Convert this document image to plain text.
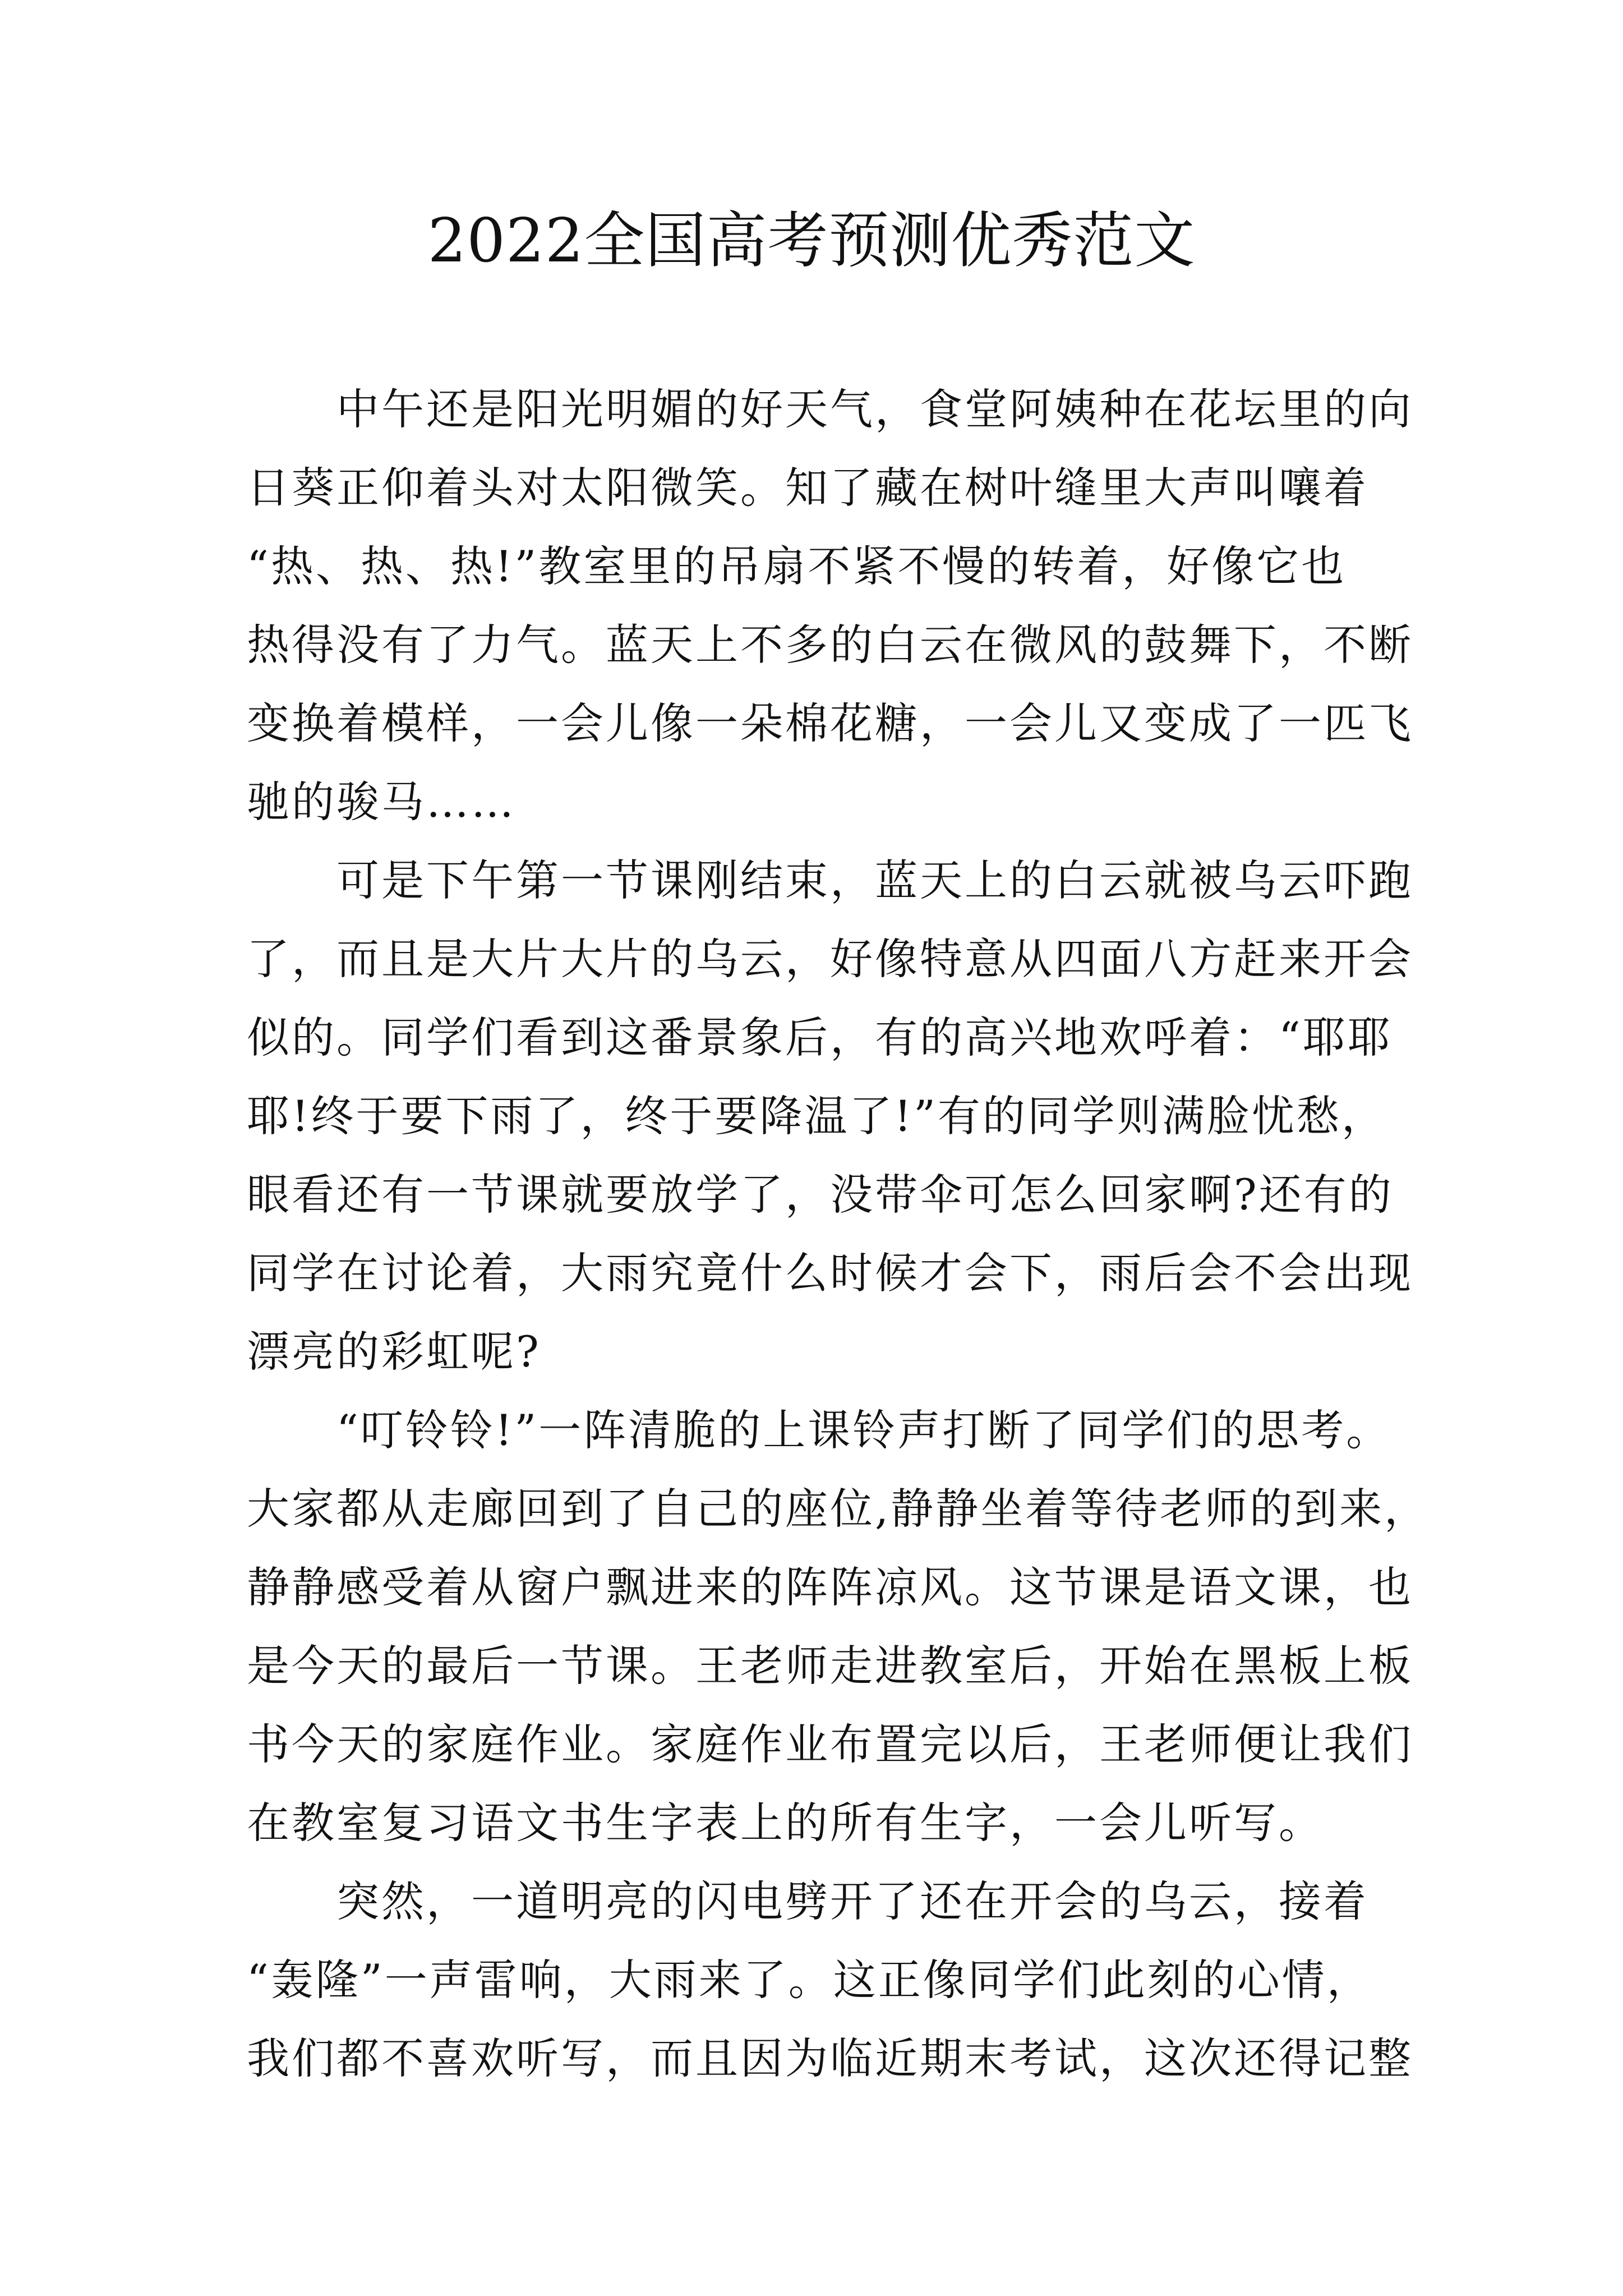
2022全国高考预测优秀范文
中午还是阳光明媚的好天气，食堂阿姨种在花坛里的向
日葵正仰着头对太阳微笑。知了藏在树叶缝里大声叫嚷着
“热、热、热!”教室里的吊扇不紧不慢的转着，好像它也
热得没有了力气。蓝天上不多的白云在微风的鼓舞下，不断
变换着模样，一会儿像一朵棉花糖，一会儿又变成了一匹飞
驰的骏马……
可是下午第一节课刚结束，蓝天上的白云就被乌云吓跑
了，而且是大片大片的乌云，好像特意从四面八方赶来开会
似的。同学们看到这番景象后，有的高兴地欢呼着：“耶耶
耶!终于要下雨了，终于要降温了!”有的同学则满脸忧愁，
眼看还有一节课就要放学了，没带伞可怎么回家啊?还有的
同学在讨论着，大雨究竟什么时候才会下，雨后会不会出现
漂亮的彩虹呢?
“叮铃铃!”一阵清脆的上课铃声打断了同学们的思考。
大家都从走廊回到了自己的座位,静静坐着等待老师的到来，
静静感受着从窗户飘进来的阵阵凉风。这节课是语文课，也
是今天的最后一节课。王老师走进教室后，开始在黑板上板
书今天的家庭作业。家庭作业布置完以后，王老师便让我们
在教室复习语文书生字表上的所有生字，一会儿听写。
突然，一道明亮的闪电劈开了还在开会的乌云，接着
“轰隆”一声雷响，大雨来了。这正像同学们此刻的心情，
我们都不喜欢听写，而且因为临近期末考试，这次还得记整
